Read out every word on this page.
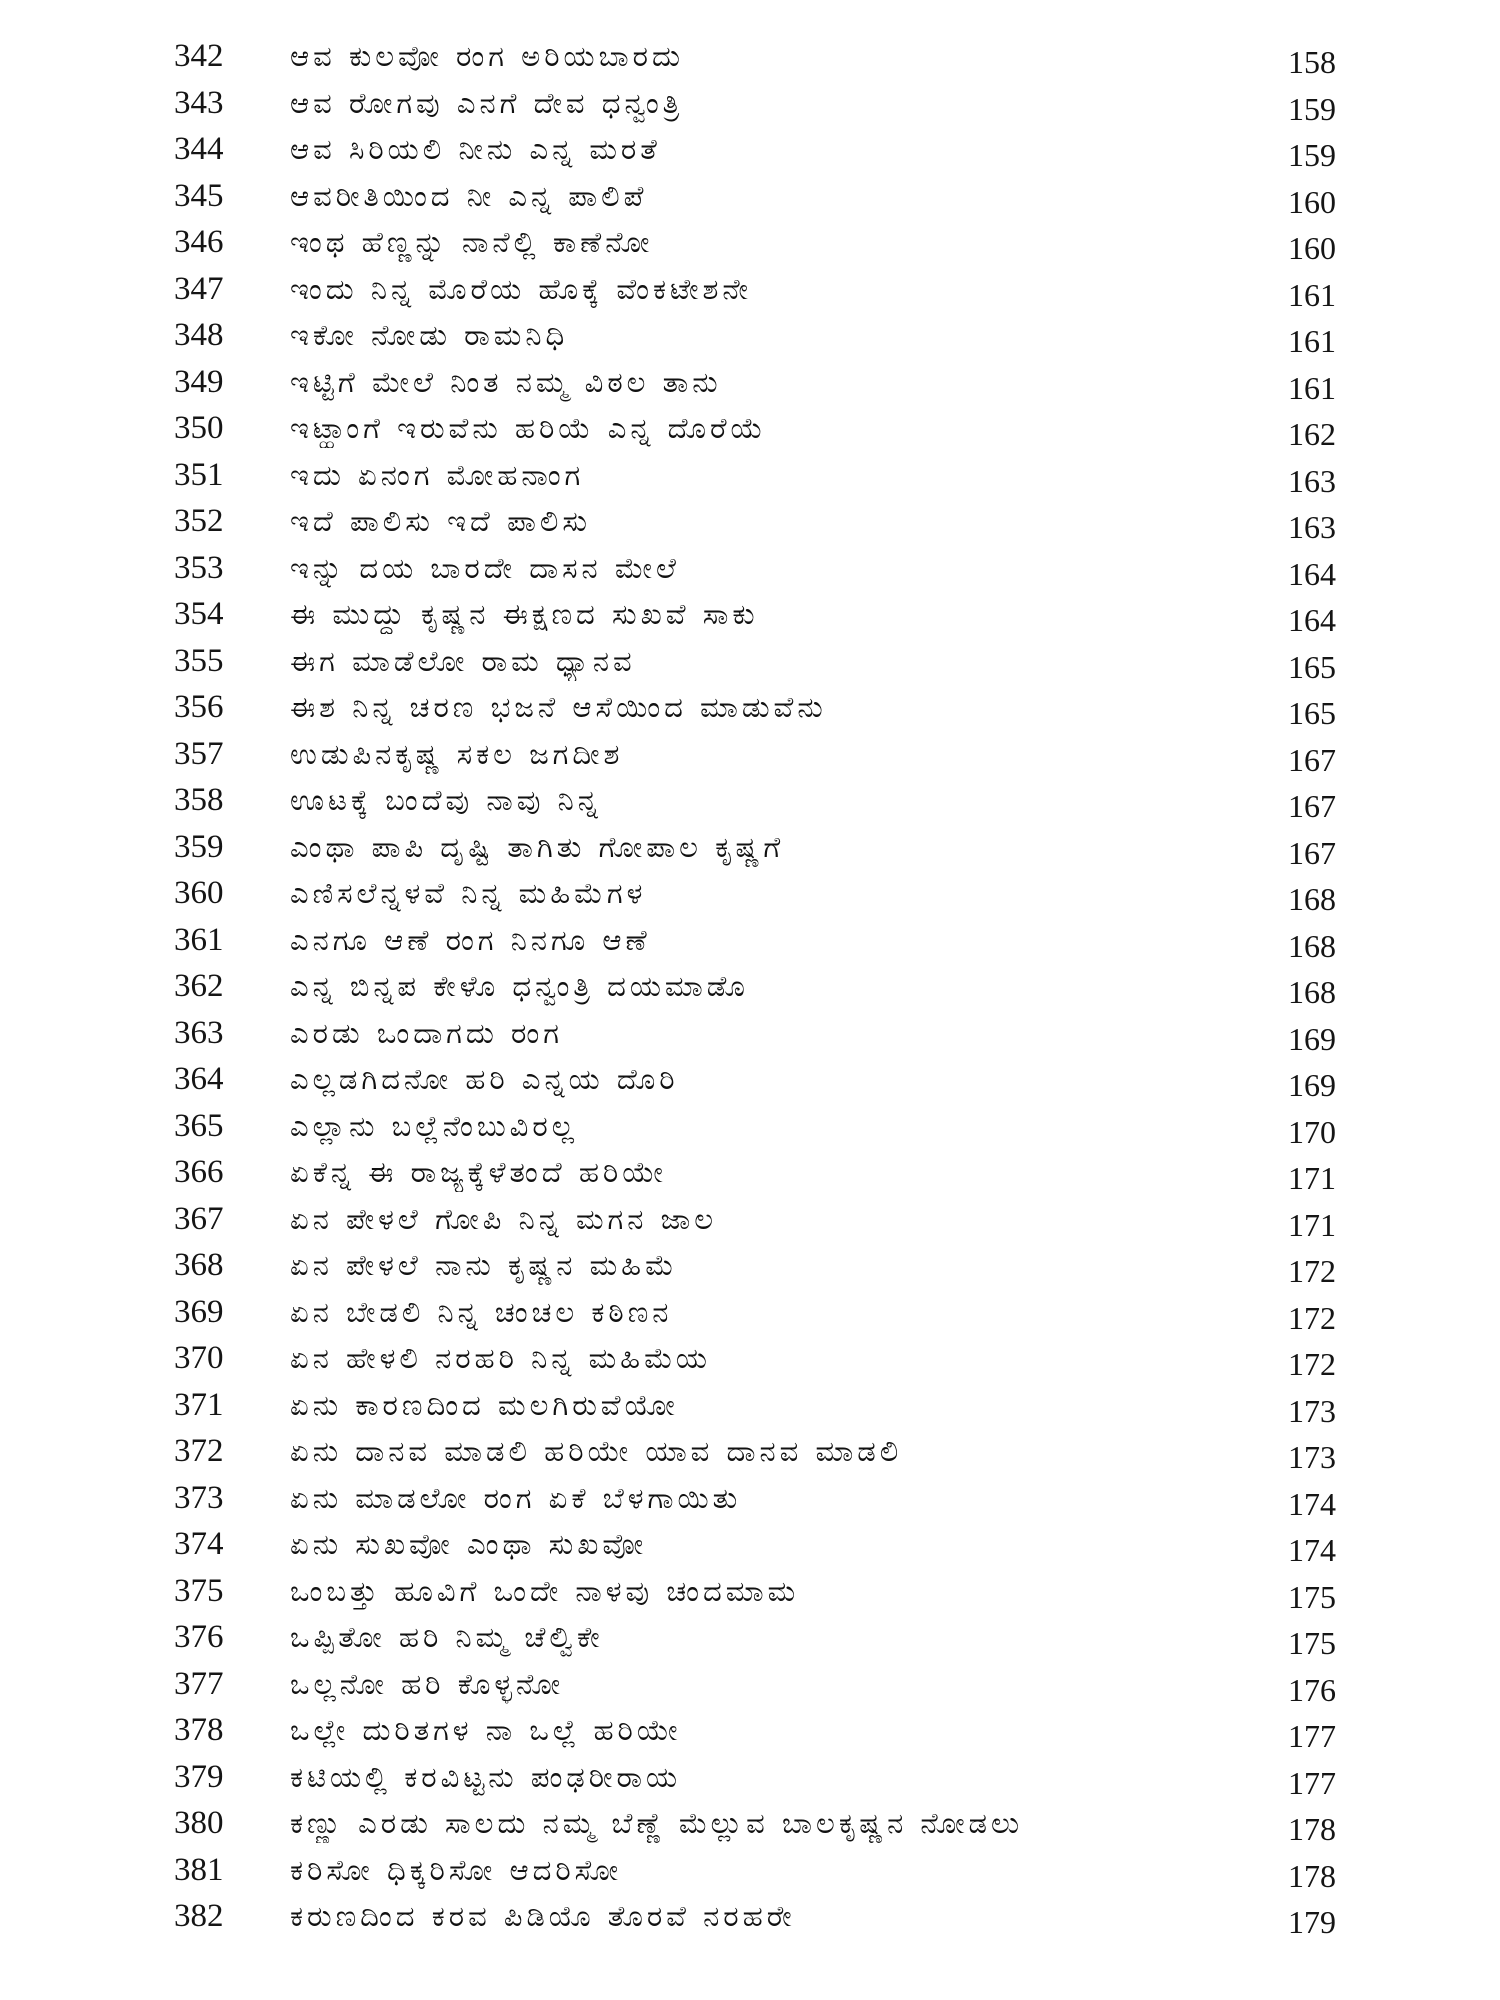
342	ಆವ ಕುಲವೋ ರಂಗ ಅರಿಯಬಾರದು	158
343	ಆವ ರೋಗವು ಎನಗೆ ದೇವ ಧನ್ವಂತ್ರಿ	159
344	ಆವ ಸಿರಿಯಲಿ ನೀನು ಎನ್ನ ಮರತೆ	159
345	ಆವರೀತಿಯಿಂದ ನೀ ಎನ್ನ ಪಾಲಿಪೆ	160
346	ಇಂಥ ಹೆಣ್ಣನ್ನು ನಾನೆಲ್ಲಿ ಕಾಣೆನೋ	160
347	ಇಂದು ನಿನ್ನ ಮೊರೆಯ ಹೊಕ್ಕೆ ವೆಂಕಟೇಶನೇ	161
348	ಇಕೋ ನೋಡು ರಾಮನಿಧಿ	161
349	ಇಟ್ಟಿಗೆ ಮೇಲೆ ನಿಂತ ನಮ್ಮ ವಿಠಲ ತಾನು	161
350	ಇಟ್ಹಾಂಗೆ ಇರುವೆನು ಹರಿಯೆ ಎನ್ನ ದೊರೆಯೆ	162
351	ಇದು ಏನಂಗ ಮೋಹನಾಂಗ	163
352	ಇದೆ ಪಾಲಿಸು ಇದೆ ಪಾಲಿಸು	163
353	ಇನ್ನು ದಯ ಬಾರದೇ ದಾಸನ ಮೇಲೆ	164
354	ಈ ಮುದ್ದು ಕೃಷ್ಣನ ಈಕ್ಷಣದ ಸುಖವೆ ಸಾಕು	164
355	ಈಗ ಮಾಡೆಲೋ ರಾಮ ಧ್ಯಾನವ	165
356	ಈಶ ನಿನ್ನ ಚರಣ ಭಜನೆ ಆಸೆಯಿಂದ ಮಾಡುವೆನು	165
357	ಉಡುಪಿನಕೃಷ್ಣ ಸಕಲ ಜಗದೀಶ	167
358	ಊಟಕ್ಕೆ ಬಂದೆವು ನಾವು ನಿನ್ನ	167
359	ಎಂಥಾ ಪಾಪಿ ದೃಷ್ಟಿ ತಾಗಿತು ಗೋಪಾಲ ಕೃಷ್ಣಗೆ	167
360	ಎಣಿಸಲೆನ್ನಳವೆ ನಿನ್ನ ಮಹಿಮೆಗಳ	168
361	ಎನಗೂ ಆಣೆ ರಂಗ ನಿನಗೂ ಆಣೆ	168
362	ಎನ್ನ ಬಿನ್ನಪ ಕೇಳೊ ಧನ್ವಂತ್ರಿ ದಯಮಾಡೊ	168
363	ಎರಡು ಒಂದಾಗದು ರಂಗ	169
364	ಎಲ್ಲಡಗಿದನೋ ಹರಿ ಎನ್ನಯ ದೊರಿ	169
365	ಎಲ್ಲಾನು ಬಲ್ಲೆನೆಂಬುವಿರಲ್ಲ	170
366	ಏಕೆನ್ನ ಈ ರಾಜ್ಯಕ್ಕೆಳೆತಂದೆ ಹರಿಯೇ	171
367	ಏನ ಪೇಳಲೆ ಗೋಪಿ ನಿನ್ನ ಮಗನ ಜಾಲ	171
368	ಏನ ಪೇಳಲೆ ನಾನು ಕೃಷ್ಣನ ಮಹಿಮೆ	172
369	ಏನ ಬೇಡಲಿ ನಿನ್ನ ಚಂಚಲ ಕಠಿಣನ	172
370	ಏನ ಹೇಳಲಿ ನರಹರಿ ನಿನ್ನ ಮಹಿಮೆಯ	172
371	ಏನು ಕಾರಣದಿಂದ ಮಲಗಿರುವೆಯೋ	173
372	ಏನು ದಾನವ ಮಾಡಲಿ ಹರಿಯೇ ಯಾವ ದಾನವ ಮಾಡಲಿ	173
373	ಏನು ಮಾಡಲೋ ರಂಗ ಏಕೆ ಬೆಳಗಾಯಿತು	174
374	ಏನು ಸುಖವೋ ಎಂಥಾ ಸುಖವೋ	174
375	ಒಂಬತ್ತು ಹೂವಿಗೆ ಒಂದೇ ನಾಳವು ಚಂದಮಾಮ	175
376	ಒಪ್ಪಿತೋ ಹರಿ ನಿಮ್ಮ ಚೆಲ್ವಿಕೇ	175
377	ಒಲ್ಲನೋ ಹರಿ ಕೊಳ್ಳನೋ	176
378	ಒಲ್ಲೇ ದುರಿತಗಳ ನಾ ಒಲ್ಲೆ ಹರಿಯೇ	177
379	ಕಟಿಯಲ್ಲಿ ಕರವಿಟ್ಟನು ಪಂಢರೀರಾಯ	177
380	ಕಣ್ಣು ಎರಡು ಸಾಲದು ನಮ್ಮ ಬೆಣ್ಣೆ ಮೆಲ್ಲುವ ಬಾಲಕೃಷ್ಣನ ನೋಡಲು	178
381	ಕರಿಸೋ ಧಿಕ್ಕರಿಸೋ ಆದರಿಸೋ	178
382	ಕರುಣದಿಂದ ಕರವ ಪಿಡಿಯೊ ತೊರವೆ ನರಹರೇ	179
